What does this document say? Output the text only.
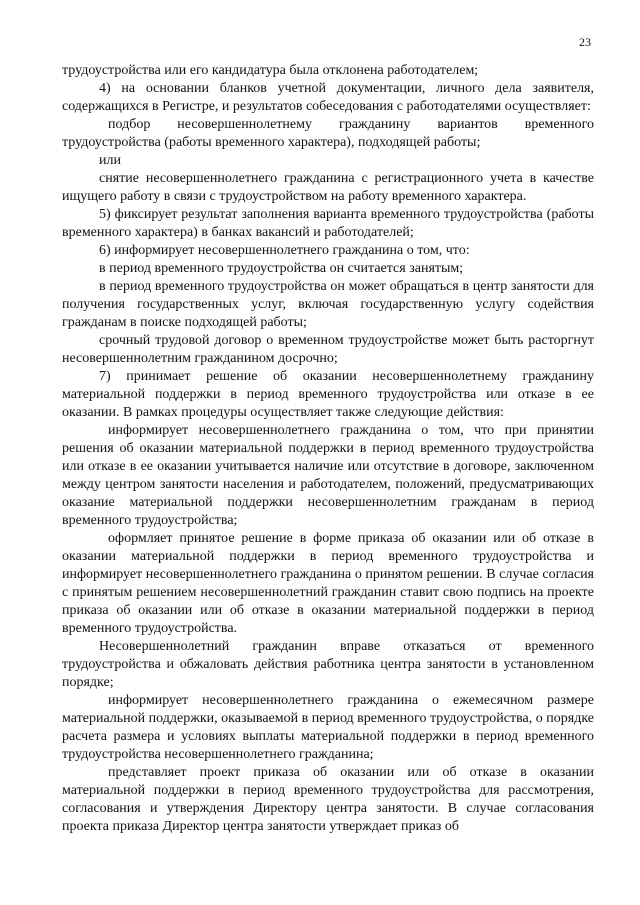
23

трудоустройства или его кандидатура была отклонена работодателем;

4) на основании бланков учетной документации, личного дела заявителя, содержащихся в Регистре, и результатов собеседования с работодателями осуществляет:

подбор несовершеннолетнему гражданину вариантов временного трудоустройства (работы временного характера), подходящей работы;

или

снятие несовершеннолетнего гражданина с регистрационного учета в качестве ищущего работу в связи с трудоустройством на работу временного характера.

5) фиксирует результат заполнения варианта временного трудоустройства (работы временного характера) в банках вакансий и работодателей;

6) информирует несовершеннолетнего гражданина о том, что:

в период временного трудоустройства он считается занятым;

в период временного трудоустройства он может обращаться в центр занятости для получения государственных услуг, включая государственную услугу содействия гражданам в поиске подходящей работы;

срочный трудовой договор о временном трудоустройстве может быть расторгнут несовершеннолетним гражданином досрочно;

7) принимает решение об оказании несовершеннолетнему гражданину материальной поддержки в период временного трудоустройства или отказе в ее оказании. В рамках процедуры осуществляет также следующие действия:

информирует несовершеннолетнего гражданина о том, что при принятии решения об оказании материальной поддержки в период временного трудоустройства или отказе в ее оказании учитывается наличие или отсутствие в договоре, заключенном между центром занятости населения и работодателем, положений, предусматривающих оказание материальной поддержки несовершеннолетним гражданам в период временного трудоустройства;

оформляет принятое решение в форме приказа об оказании или об отказе в оказании материальной поддержки в период временного трудоустройства и информирует несовершеннолетнего гражданина о принятом решении. В случае согласия с принятым решением несовершеннолетний гражданин ставит свою подпись на проекте приказа об оказании или об отказе в оказании материальной поддержки в период временного трудоустройства.

Несовершеннолетний гражданин вправе отказаться от временного трудоустройства и обжаловать действия работника центра занятости в установленном порядке;

информирует несовершеннолетнего гражданина о ежемесячном размере материальной поддержки, оказываемой в период временного трудоустройства, о порядке расчета размера и условиях выплаты материальной поддержки в период временного трудоустройства несовершеннолетнего гражданина;

представляет проект приказа об оказании или об отказе в оказании материальной поддержки в период временного трудоустройства для рассмотрения, согласования и утверждения Директору центра занятости. В случае согласования проекта приказа Директор центра занятости утверждает приказ об
